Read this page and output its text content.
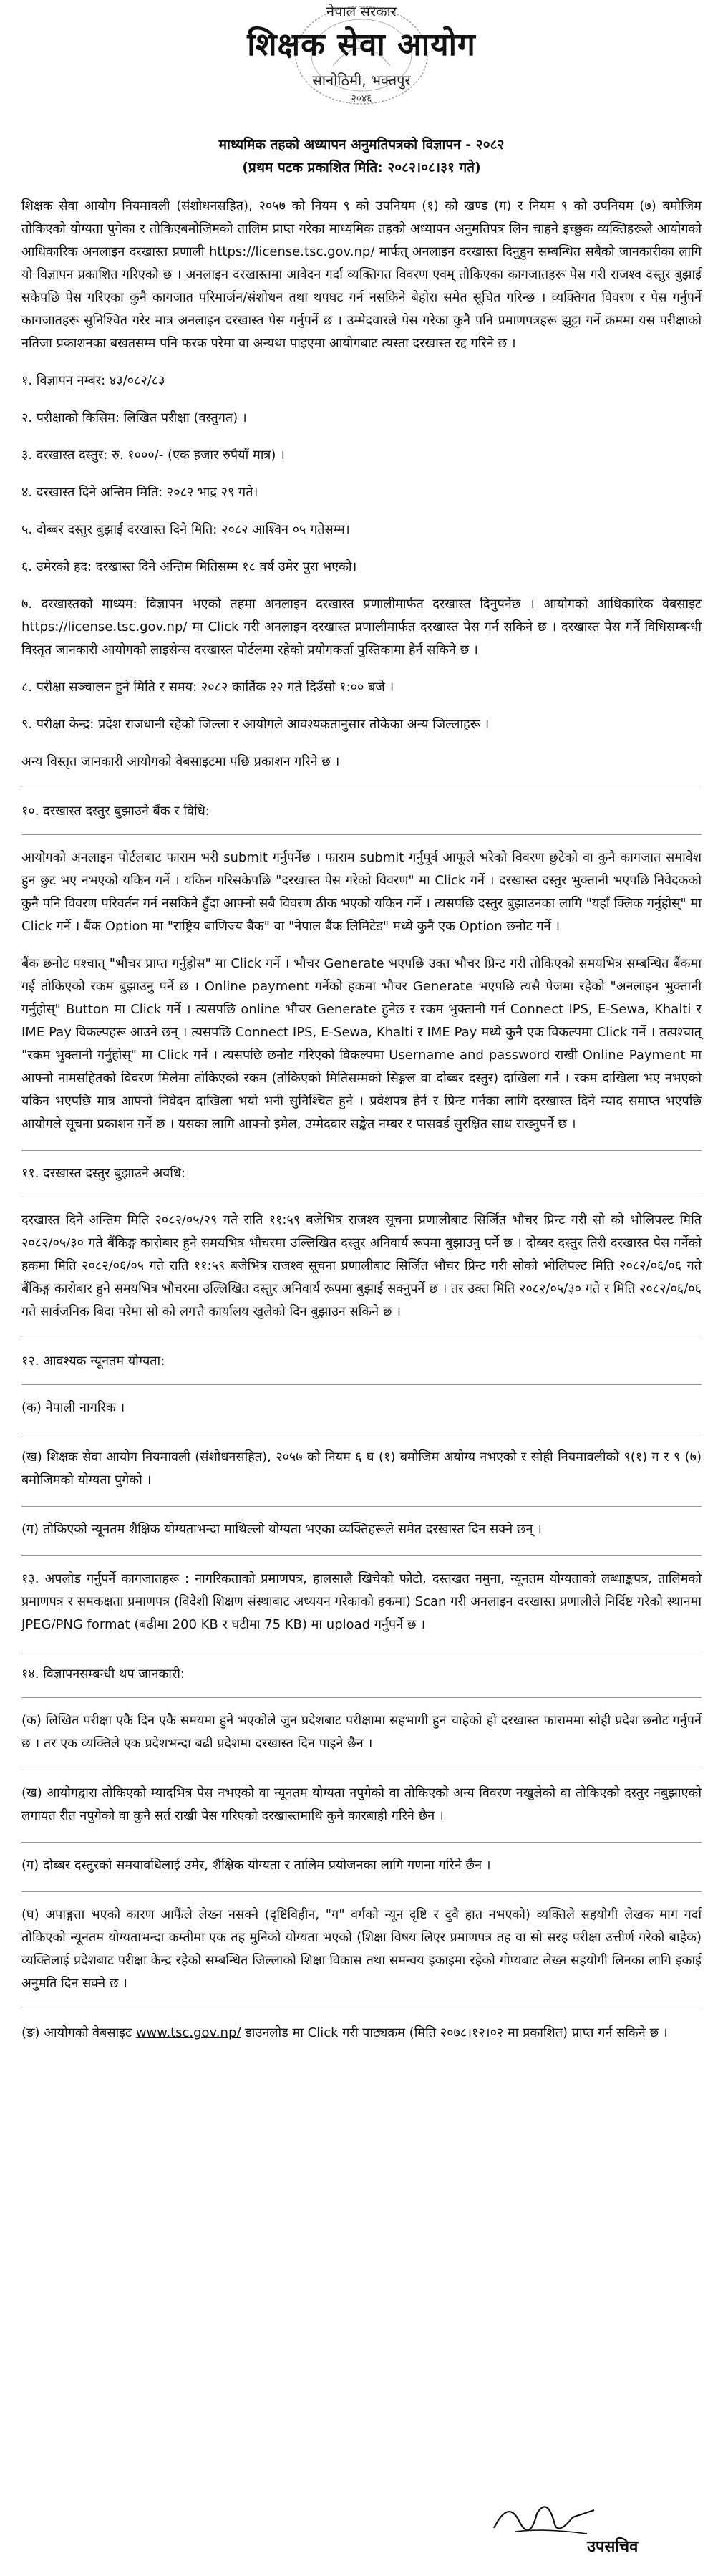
नेपाल सरकार
शिक्षक सेवा आयोग
सानोठिमी, भक्तपुर
२०४६
माध्यमिक तहको अध्यापन अनुमतिपत्रको विज्ञापन - २०८२
(प्रथम पटक प्रकाशित मिति: २०८२।०८।३१ गते)

शिक्षक सेवा आयोग नियमावली (संशोधनसहित), २०५७ को नियम ९ को उपनियम (१) को खण्ड (ग) र नियम ९ को उपनियम (७) बमोजिम तोकिएको योग्यता पुगेका र तोकिएबमोजिमको तालिम प्राप्त गरेका माध्यमिक तहको अध्यापन अनुमतिपत्र लिन चाहने इच्छुक व्यक्तिहरूले आयोगको आधिकारिक अनलाइन दरखास्त प्रणाली https://license.tsc.gov.np/ मार्फत् अनलाइन दरखास्त दिनुहुन सम्बन्धित सबैको जानकारीका लागि यो विज्ञापन प्रकाशित गरिएको छ । अनलाइन दरखास्तमा आवेदन गर्दा व्यक्तिगत विवरण एवम् तोकिएका कागजातहरू पेस गरी राजश्व दस्तुर बुझाई सकेपछि पेस गरिएका कुनै कागजात परिमार्जन/संशोधन तथा थपघट गर्न नसकिने बेहोरा समेत सूचित गरिन्छ । व्यक्तिगत विवरण र पेस गर्नुपर्ने कागजातहरू सुनिश्चित गरेर मात्र अनलाइन दरखास्त पेस गर्नुपर्ने छ । उम्मेदवारले पेस गरेका कुनै पनि प्रमाणपत्रहरू झुट्टा गर्ने क्रममा यस परीक्षाको नतिजा प्रकाशनका बखतसम्म पनि फरक परेमा वा अन्यथा पाइएमा आयोगबाट त्यस्ता दरखास्त रद्द गरिने छ ।

१. विज्ञापन नम्बर: ४३/०८२/८३

२. परीक्षाको किसिम: लिखित परीक्षा (वस्तुगत) ।

३. दरखास्त दस्तुर: रु. १०००/- (एक हजार रुपैयाँ मात्र) ।

४. दरखास्त दिने अन्तिम मिति: २०८२ भाद्र २९ गते।

५. दोब्बर दस्तुर बुझाई दरखास्त दिने मिति: २०८२ आश्विन ०५ गतेसम्म।

६. उमेरको हद: दरखास्त दिने अन्तिम मितिसम्म १८ वर्ष उमेर पुरा भएको।

७. दरखास्तको माध्यम: विज्ञापन भएको तहमा अनलाइन दरखास्त प्रणालीमार्फत दरखास्त दिनुपर्नेछ । आयोगको आधिकारिक वेबसाइट https://license.tsc.gov.np/ मा Click गरी अनलाइन दरखास्त प्रणालीमार्फत दरखास्त पेस गर्न सकिने छ । दरखास्त पेस गर्ने विधिसम्बन्धी विस्तृत जानकारी आयोगको लाइसेन्स दरखास्त पोर्टलमा रहेको प्रयोगकर्ता पुस्तिकामा हेर्न सकिने छ ।

८. परीक्षा सञ्चालन हुने मिति र समय: २०८२ कार्तिक २२ गते दिउँसो १:०० बजे ।

९. परीक्षा केन्द्र: प्रदेश राजधानी रहेको जिल्ला र आयोगले आवश्यकतानुसार तोकेका अन्य जिल्लाहरू ।

अन्य विस्तृत जानकारी आयोगको वेबसाइटमा पछि प्रकाशन गरिने छ ।

१०. दरखास्त दस्तुर बुझाउने बैंक र विधि:

आयोगको अनलाइन पोर्टलबाट फाराम भरी submit गर्नुपर्नेछ । फाराम submit गर्नुपूर्व आफूले भरेको विवरण छुटेको वा कुनै कागजात समावेश हुन छुट भए नभएको यकिन गर्ने । यकिन गरिसकेपछि "दरखास्त पेस गरेको विवरण" मा Click गर्ने । दरखास्त दस्तुर भुक्तानी भएपछि निवेदकको कुनै पनि विवरण परिवर्तन गर्न नसकिने हुँदा आफ्नो सबै विवरण ठीक भएको यकिन गर्ने । त्यसपछि दस्तुर बुझाउनका लागि "यहाँ क्लिक गर्नुहोस्" मा Click गर्ने । बैंक Option मा "राष्ट्रिय बाणिज्य बैंक" वा "नेपाल बैंक लिमिटेड" मध्ये कुनै एक Option छनोट गर्ने ।

बैंक छनोट पश्चात् "भौचर प्राप्त गर्नुहोस" मा Click गर्ने । भौचर Generate भएपछि उक्त भौचर प्रिन्ट गरी तोकिएको समयभित्र सम्बन्धित बैंकमा गई तोकिएको रकम बुझाउनु पर्ने छ । Online payment गर्नेको हकमा भौचर Generate भएपछि त्यसै पेजमा रहेको "अनलाइन भुक्तानी गर्नुहोस्" Button मा Click गर्ने । त्यसपछि online भौचर Generate हुनेछ र रकम भुक्तानी गर्न Connect IPS, E-Sewa, Khalti र IME Pay विकल्पहरू आउने छन् । त्यसपछि Connect IPS, E-Sewa, Khalti र IME Pay मध्ये कुनै एक विकल्पमा Click गर्ने । तत्पश्चात् "रकम भुक्तानी गर्नुहोस्" मा Click गर्ने । त्यसपछि छनोट गरिएको विकल्पमा Username and password राखी Online Payment मा आफ्नो नामसहितको विवरण मिलेमा तोकिएको रकम (तोकिएको मितिसम्मको सिङ्गल वा दोब्बर दस्तुर) दाखिला गर्ने । रकम दाखिला भए नभएको यकिन भएपछि मात्र आफ्नो निवेदन दाखिला भयो भनी सुनिश्चित हुने । प्रवेशपत्र हेर्न र प्रिन्ट गर्नका लागि दरखास्त दिने म्याद समाप्त भएपछि आयोगले सूचना प्रकाशन गर्ने छ । यसका लागि आफ्नो इमेल, उम्मेदवार सङ्केत नम्बर र पासवर्ड सुरक्षित साथ राख्नुपर्ने छ ।

११. दरखास्त दस्तुर बुझाउने अवधि:

दरखास्त दिने अन्तिम मिति २०८२/०५/२९ गते राति ११:५९ बजेभित्र राजश्व सूचना प्रणालीबाट सिर्जित भौचर प्रिन्ट गरी सो को भोलिपल्ट मिति २०८२/०५/३० गते बैंकिङ्ग कारोबार हुने समयभित्र भौचरमा उल्लिखित दस्तुर अनिवार्य रूपमा बुझाउनु पर्ने छ । दोब्बर दस्तुर तिरी दरखास्त पेस गर्नेको हकमा मिति २०८२/०६/०५ गते राति ११:५९ बजेभित्र राजश्व सूचना प्रणालीबाट सिर्जित भौचर प्रिन्ट गरी सोको भोलिपल्ट मिति २०८२/०६/०६ गते बैंकिङ्ग कारोबार हुने समयभित्र भौचरमा उल्लिखित दस्तुर अनिवार्य रूपमा बुझाई सक्नुपर्ने छ । तर उक्त मिति २०८२/०५/३० गते र मिति २०८२/०६/०६ गते सार्वजनिक बिदा परेमा सो को लगत्तै कार्यालय खुलेको दिन बुझाउन सकिने छ ।

१२. आवश्यक न्यूनतम योग्यता:

(क) नेपाली नागरिक ।

(ख) शिक्षक सेवा आयोग नियमावली (संशोधनसहित), २०५७ को नियम ६ घ (१) बमोजिम अयोग्य नभएको र सोही नियमावलीको ९(१) ग र ९ (७) बमोजिमको योग्यता पुगेको ।

(ग) तोकिएको न्यूनतम शैक्षिक योग्यताभन्दा माथिल्लो योग्यता भएका व्यक्तिहरूले समेत दरखास्त दिन सक्ने छन् ।

१३. अपलोड गर्नुपर्ने कागजातहरू : नागरिकताको प्रमाणपत्र, हालसालै खिचेको फोटो, दस्तखत नमुना, न्यूनतम योग्यताको लब्धाङ्कपत्र, तालिमको प्रमाणपत्र र समकक्षता प्रमाणपत्र (विदेशी शिक्षण संस्थाबाट अध्ययन गरेकाको हकमा) Scan गरी अनलाइन दरखास्त प्रणालीले निर्दिष्ट गरेको स्थानमा JPEG/PNG format (बढीमा 200 KB र घटीमा 75 KB) मा upload गर्नुपर्ने छ ।

१४. विज्ञापनसम्बन्धी थप जानकारी:

(क) लिखित परीक्षा एकै दिन एकै समयमा हुने भएकोले जुन प्रदेशबाट परीक्षामा सहभागी हुन चाहेको हो दरखास्त फाराममा सोही प्रदेश छनोट गर्नुपर्ने छ । तर एक व्यक्तिले एक प्रदेशभन्दा बढी प्रदेशमा दरखास्त दिन पाइने छैन ।

(ख) आयोगद्वारा तोकिएको म्यादभित्र पेस नभएको वा न्यूनतम योग्यता नपुगेको वा तोकिएको अन्य विवरण नखुलेको वा तोकिएको दस्तुर नबुझाएको लगायत रीत नपुगेको वा कुनै सर्त राखी पेस गरिएको दरखास्तमाथि कुनै कारबाही गरिने छैन ।

(ग) दोब्बर दस्तुरको समयावधिलाई उमेर, शैक्षिक योग्यता र तालिम प्रयोजनका लागि गणना गरिने छैन ।

(घ) अपाङ्गता भएको कारण आफैंले लेख्न नसक्ने (दृष्टिविहीन, "ग" वर्गको न्यून दृष्टि र दुवै हात नभएको) व्यक्तिले सहयोगी लेखक माग गर्दा तोकिएको न्यूनतम योग्यताभन्दा कम्तीमा एक तह मुनिको योग्यता भएको (शिक्षा विषय लिएर प्रमाणपत्र तह वा सो सरह परीक्षा उत्तीर्ण गरेको बाहेक) व्यक्तिलाई प्रदेशबाट परीक्षा केन्द्र रहेको सम्बन्धित जिल्लाको शिक्षा विकास तथा समन्वय इकाइमा रहेको गोप्यबाट लेख्न सहयोगी लिनका लागि इकाई अनुमति दिन सक्ने छ ।

(ङ) आयोगको वेबसाइट www.tsc.gov.np/ डाउनलोड मा Click गरी पाठ्यक्रम (मिति २०७८।१२।०२ मा प्रकाशित) प्राप्त गर्न सकिने छ ।

उपसचिव
